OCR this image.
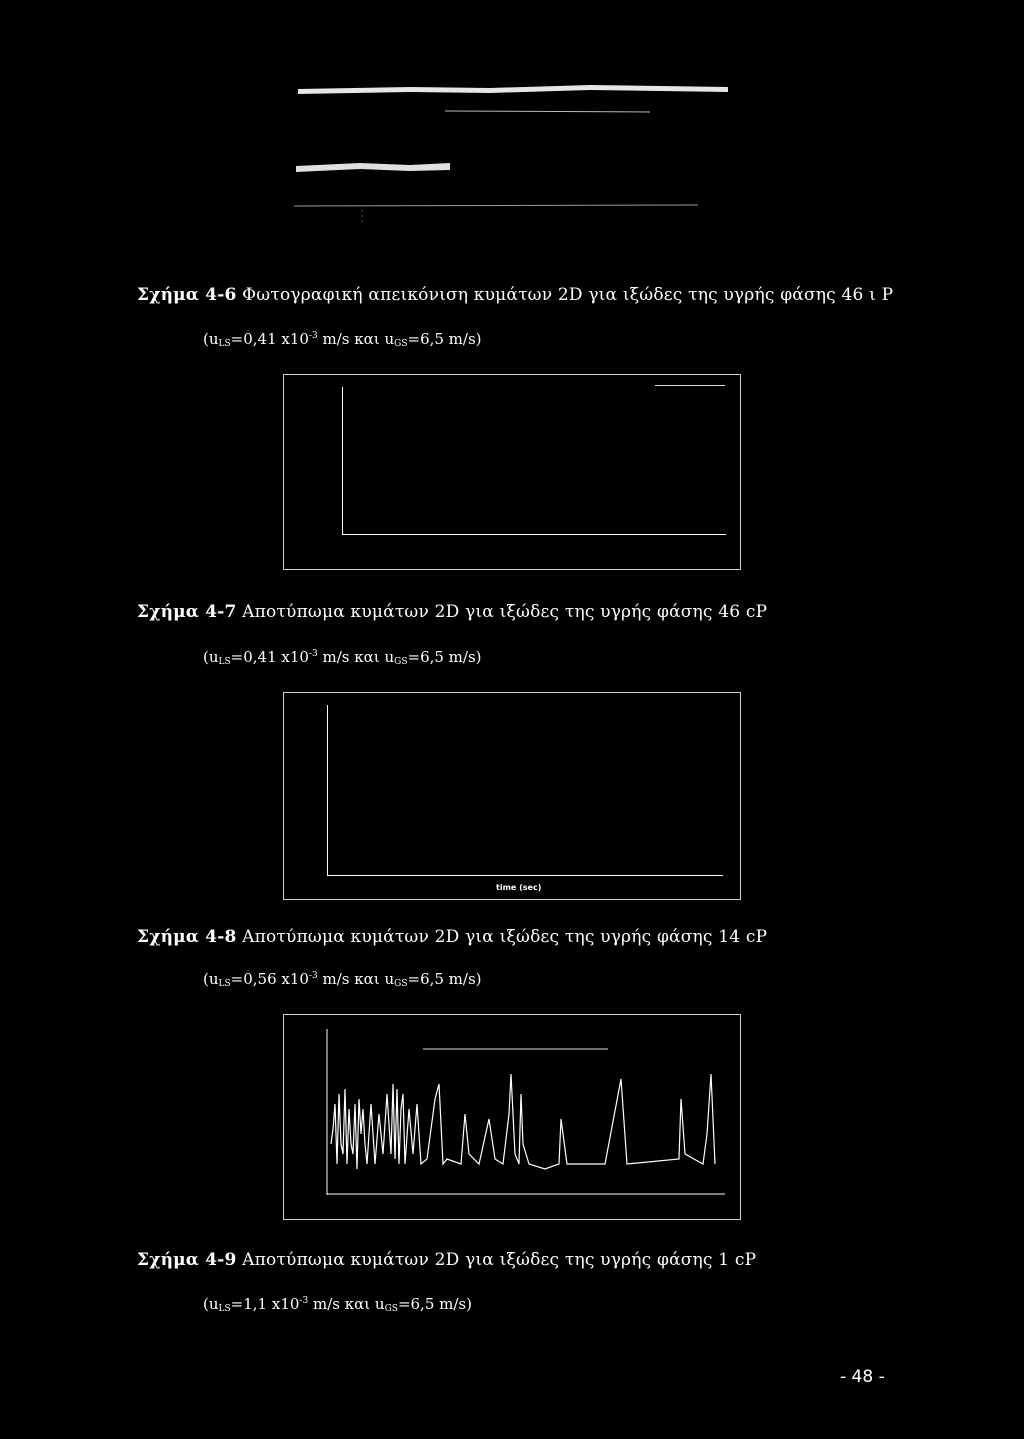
Σχήμα 4-6 Φωτογραφική απεικόνιση κυμάτων 2D για ιξώδες της υγρής φάσης 46 ι P
($u_{LS}=0,41$ $x10^{-3}$ m/s και $u_{GS}=6,5$ m/s)
Σχήμα 4-7 Αποτύπωμα κυμάτων 2D για ιξώδες της υγρής φάσης 46 cP
($u_{LS}=0,41$ $x10^{-3}$ m/s και $u_{GS}=6,5$ m/s)
time (sec)
Σχήμα 4-8 Αποτύπωμα κυμάτων 2D για ιξώδες της υγρής φάσης 14 cP
($u_{LS}=0,56$ $x10^{-3}$ m/s και $u_{GS}=6,5$ m/s)
Σχήμα 4-9 Αποτύπωμα κυμάτων 2D για ιξώδες της υγρής φάσης 1 cP
($u_{LS}=1,1$ $x10^{-3}$ m/s και $u_{GS}=6,5$ m/s)
- 48 -
